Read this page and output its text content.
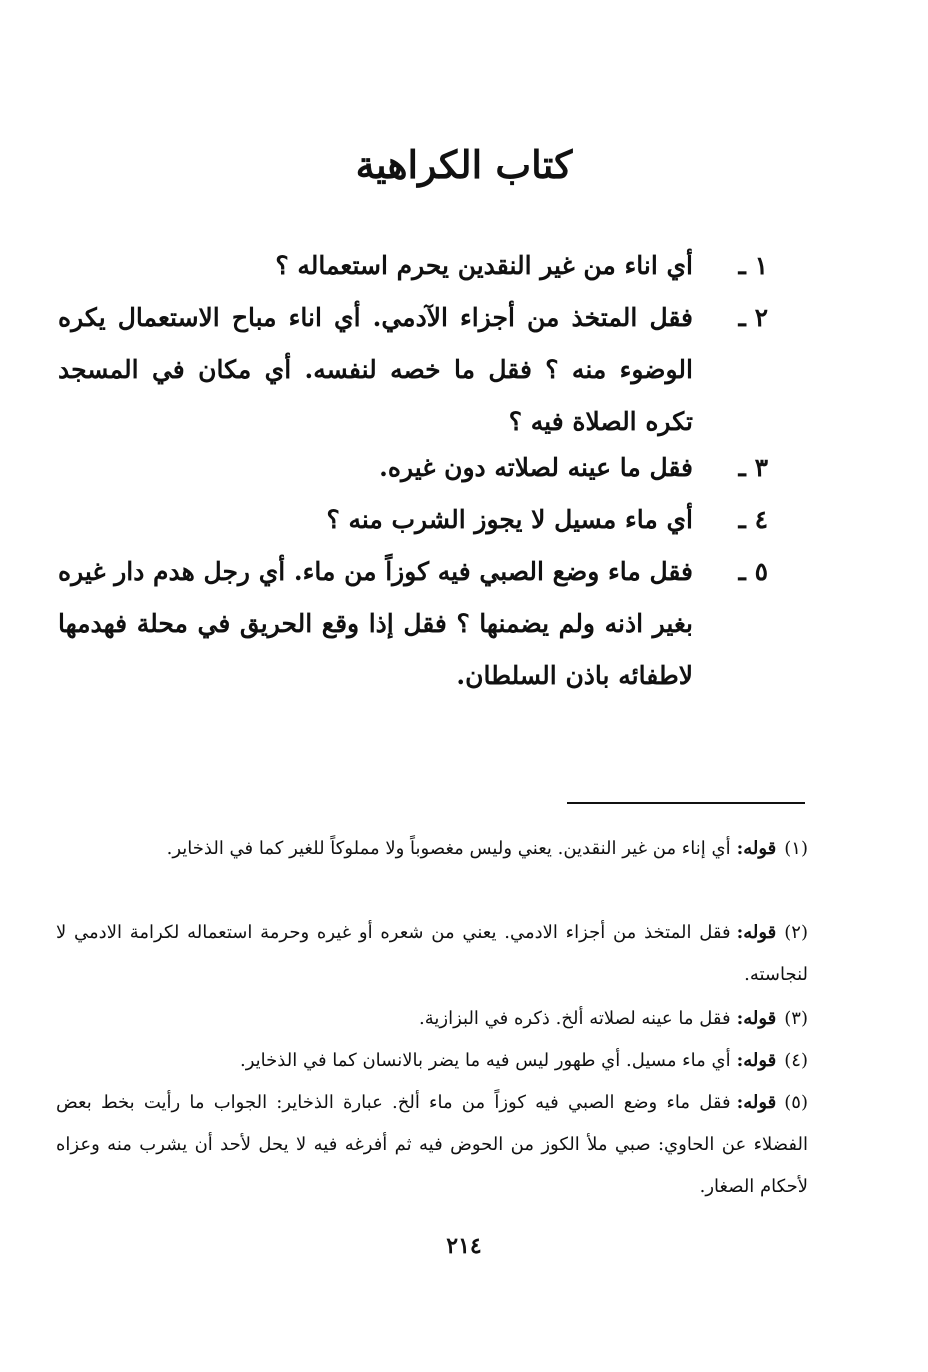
كتاب الكراهية
١ ـ
أي اناء من غير النقدين يحرم استعماله ؟
٢ ـ
فقل المتخذ من أجزاء الآدمي. أي اناء مباح الاستعمال يكره الوضوء منه ؟ فقل ما خصه لنفسه. أي مكان في المسجد تكره الصلاة فيه ؟
٣ ـ
فقل ما عينه لصلاته دون غيره.
٤ ـ
أي ماء مسيل لا يجوز الشرب منه ؟
٥ ـ
فقل ماء وضع الصبي فيه كوزاً من ماء. أي رجل هدم دار غيره بغير اذنه ولم يضمنها ؟ فقل إذا وقع الحريق في محلة فهدمها لاطفائه باذن السلطان.
(١)قوله:أي إناء من غير النقدين. يعني وليس مغصوباً ولا مملوكاً للغير كما في الذخاير.
(٢)قوله:فقل المتخذ من أجزاء الادمي. يعني من شعره أو غيره وحرمة استعماله لكرامة الادمي لا لنجاسته.
(٣)قوله:فقل ما عينه لصلاته ألخ. ذكره في البزازية.
(٤)قوله:أي ماء مسيل. أي طهور ليس فيه ما يضر بالانسان كما في الذخاير.
(٥)قوله:فقل ماء وضع الصبي فيه كوزاً من ماء ألخ. عبارة الذخاير: الجواب ما رأيت بخط بعض الفضلاء عن الحاوي: صبي ملأ الكوز من الحوض فيه ثم أفرغه فيه لا يحل لأحد أن يشرب منه وعزاه لأحكام الصغار.
٢١٤
